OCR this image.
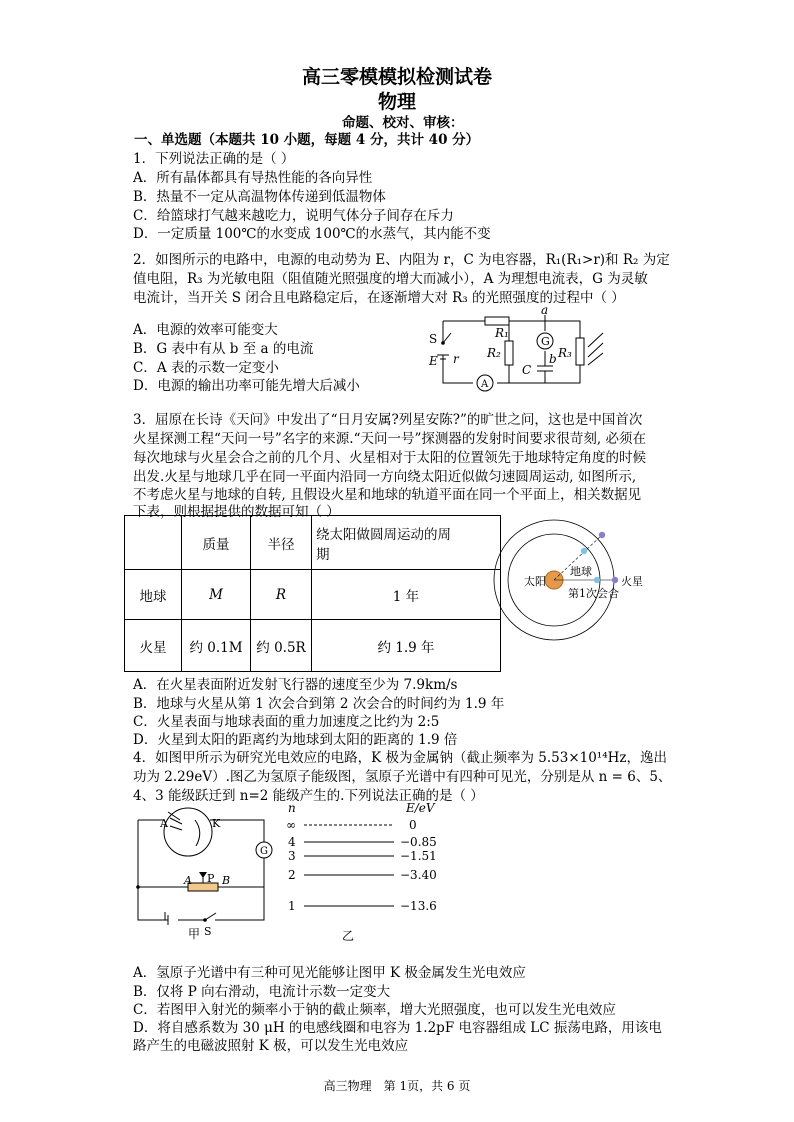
高三零模模拟检测试卷
物理
命题、校对、审核：
一、单选题（本题共 10 小题，每题 4 分，共计 40 分）
1．下列说法正确的是（ ）
A．所有晶体都具有导热性能的各向异性
B．热量不一定从高温物体传递到低温物体
C．给篮球打气越来越吃力，说明气体分子间存在斥力
D．一定质量 100℃的水变成 100℃的水蒸气，其内能不变
2．如图所示的电路中，电源的电动势为 E、内阻为 r，C 为电容器，R₁(R₁>r)和 R₂ 为定
值电阻，R₃ 为光敏电阻（阻值随光照强度的增大而减小），A 为理想电流表，G 为灵敏
电流计，当开关 S 闭合且电路稳定后，在逐渐增大对 R₃ 的光照强度的过程中（ ）
A．电源的效率可能变大
B．G 表中有从 b 至 a 的电流
C．A 表的示数一定变小
D．电源的输出功率可能先增大后减小
a
b
G
C
A
S
E r
R₁
R₂	R₃
3．屈原在长诗《天问》中发出了“日月安属?列星安陈?”的旷世之问，这也是中国首次
火星探测工程“天问一号”名字的来源.“天问一号”探测器的发射时间要求很苛刻, 必须在
每次地球与火星会合之前的几个月、火星相对于太阳的位置领先于地球特定角度的时候
出发.火星与地球几乎在同一平面内沿同一方向绕太阳近似做匀速圆周运动, 如图所示,
不考虑火星与地球的自转, 且假设火星和地球的轨道平面在同一个平面上，相关数据见
下表，则根据提供的数据可知（ ）
	质量	半径	绕太阳做圆周运动的周
期
地球	M	R	1 年
火星	约 0.1M	约 0.5R	约 1.9 年
太阳
地球
火星
第1次会合
A．在火星表面附近发射飞行器的速度至少为 7.9km/s
B．地球与火星从第 1 次会合到第 2 次会合的时间约为 1.9 年
C．火星表面与地球表面的重力加速度之比约为 2:5
D．火星到太阳的距离约为地球到太阳的距离的 1.9 倍
4．如图甲所示为研究光电效应的电路，K 极为金属钠（截止频率为 5.53×10¹⁴Hz，逸出
功为 2.29eV）.图乙为氢原子能级图，氢原子光谱中有四种可见光，分别是从 n = 6、5、
4、3 能级跃迁到 n=2 能级产生的.下列说法正确的是（ ）
A	K
G
P
A	B
S
甲
n	E/eV
∞
4
3
2
1
0
−0.85
−1.51
−3.40
−13.6
乙
A．氢原子光谱中有三种可见光能够让图甲 K 极金属发生光电效应
B．仅将 P 向右滑动，电流计示数一定变大
C．若图甲入射光的频率小于钠的截止频率，增大光照强度，也可以发生光电效应
D．将自感系数为 30 μH 的电感线圈和电容为 1.2pF 电容器组成 LC 振荡电路，用该电
路产生的电磁波照射 K 极，可以发生光电效应
高三物理　第 1页，共 6 页
